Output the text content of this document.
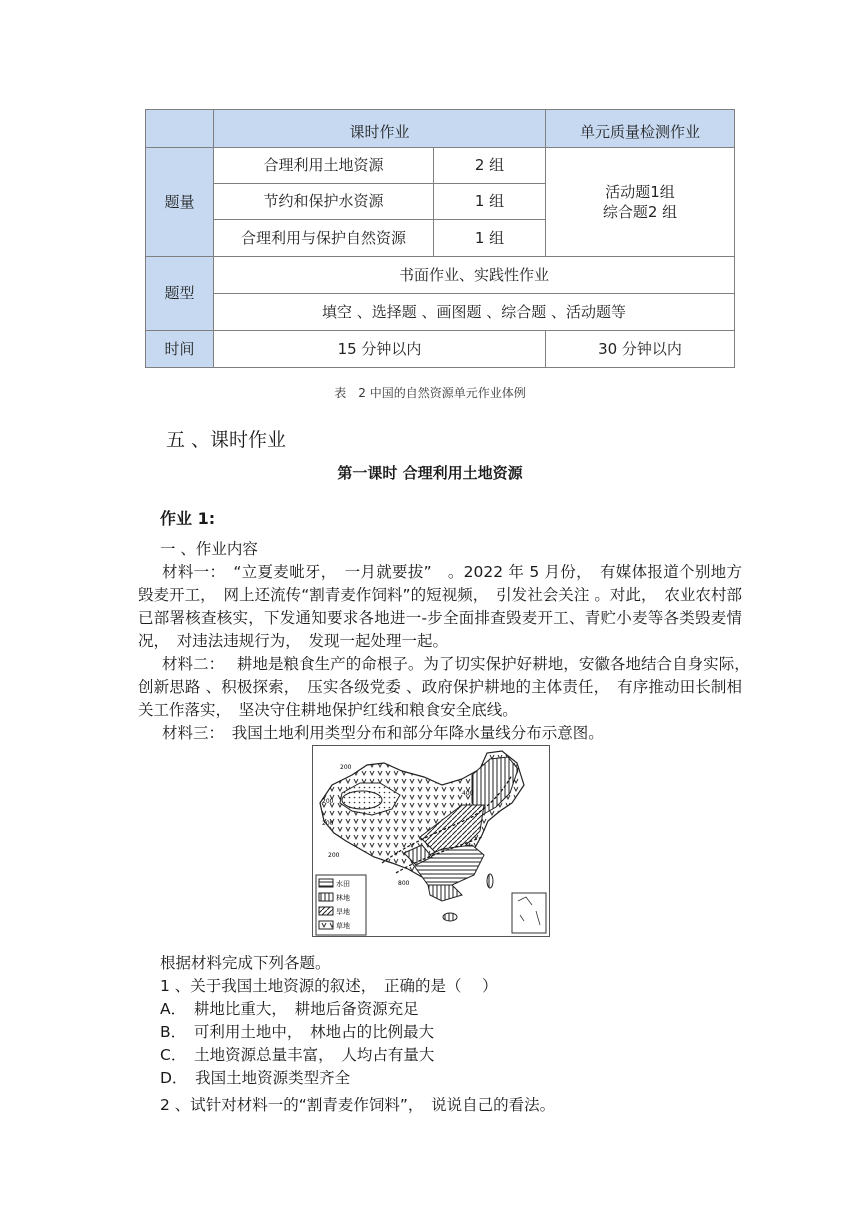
	课时作业		单元质量检测作业
题量	合理利用土地资源	2 组	活动题1组
综合题2 组

	节约和保护水资源	1 组	
	合理利用与保护自然资源	1 组	
题型	书面作业、实践性作业		
	填空 、选择题 、画图题 、综合题 、活动题等		
时间	15 分钟以内		30 分钟以内
表　2 中国的自然资源单元作业体例
五 、课时作业
第一课时 合理利用土地资源
作业 1:
一 、作业内容

材料一：　“立夏麦呲牙，　一月就要拔”　。2022 年 5 月份，　有媒体报道个别地方毁麦开工，　网上还流传“割青麦作饲料”的短视频，　引发社会关注 。对此，　农业农村部已部署核查核实，下发通知要求各地进一-步全面排查毁麦开工、青贮小麦等各类毁麦情况，　对违法违规行为，　发现一起处理一起。

材料二：　 耕地是粮食生产的命根子。为了切实保护好耕地，安徽各地结合自身实际，　创新思路 、积极探索，　压实各级党委 、政府保护耕地的主体责任，　有序推动田长制相关工作落实，　坚决守住耕地保护红线和粮食安全底线。

材料三：　我国土地利用类型分布和部分年降水量线分布示意图。

200
200
200
400
800
200
水田
林地
旱地
草地
根据材料完成下列各题。
1 、关于我国土地资源的叙述，　正确的是（　 ）
A．　耕地比重大，　耕地后备资源充足
B．　可利用土地中，　林地占的比例最大
C．　土地资源总量丰富，　人均占有量大
D．　我国土地资源类型齐全
2 、试针对材料一的“割青麦作饲料”，　说说自己的看法。
